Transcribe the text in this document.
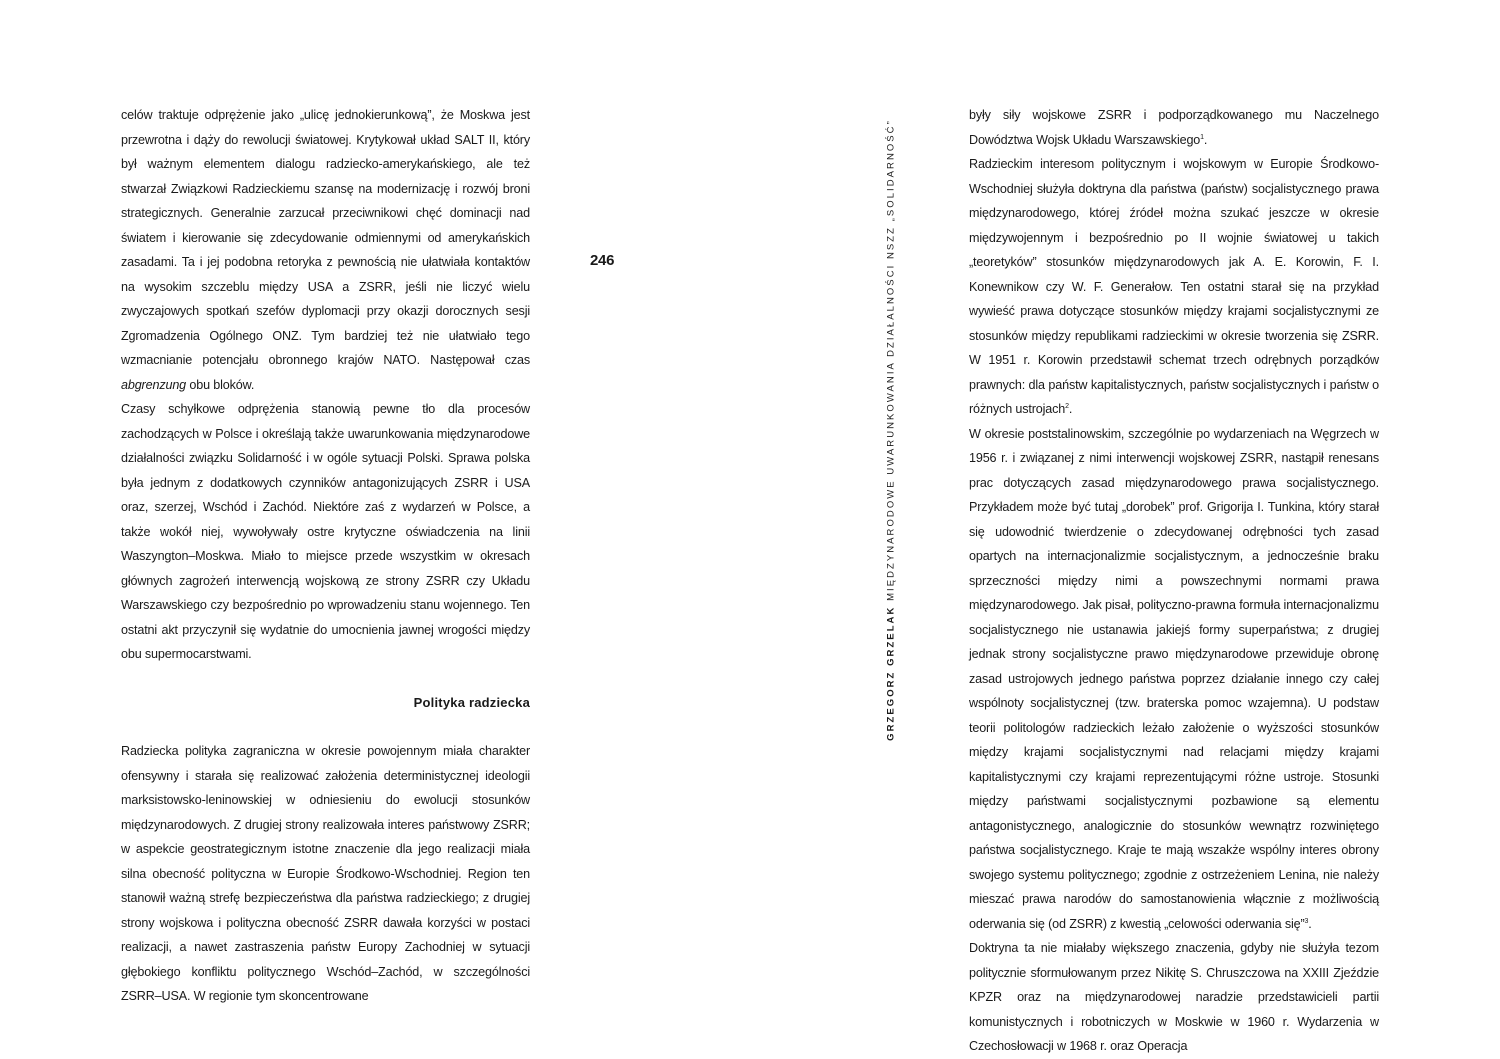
celów traktuje odprężenie jako „ulicę jednokierunkową”, że Moskwa jest przewrotna i dąży do rewolucji światowej. Krytykował układ SALT II, który był ważnym elementem dialogu radziecko-amerykańskiego, ale też stwarzał Związkowi Radzieckiemu szansę na modernizację i rozwój broni strategicznych. Generalnie zarzucał przeciwnikowi chęć dominacji nad światem i kierowanie się zdecydowanie odmiennymi od amerykańskich zasadami. Ta i jej podobna retoryka z pewnością nie ułatwiała kontaktów na wysokim szczeblu między USA a ZSRR, jeśli nie liczyć wielu zwyczajowych spotkań szefów dyplomacji przy okazji dorocznych sesji Zgromadzenia Ogólnego ONZ. Tym bardziej też nie ułatwiało tego wzmacnianie potencjału obronnego krajów NATO. Następował czas abgrenzung obu bloków.

Czasy schyłkowe odprężenia stanowią pewne tło dla procesów zachodzących w Polsce i określają także uwarunkowania międzynarodowe działalności związku Solidarność i w ogóle sytuacji Polski. Sprawa polska była jednym z dodatkowych czynników antagonizujących ZSRR i USA oraz, szerzej, Wschód i Zachód. Niektóre zaś z wydarzeń w Polsce, a także wokół niej, wywoływały ostre krytyczne oświadczenia na linii Waszyngton–Moskwa. Miało to miejsce przede wszystkim w okresach głównych zagrożeń interwencją wojskową ze strony ZSRR czy Układu Warszawskiego czy bezpośrednio po wprowadzeniu stanu wojennego. Ten ostatni akt przyczynił się wydatnie do umocnienia jawnej wrogości między obu supermocarstwami.

Polityka radziecka

Radziecka polityka zagraniczna w okresie powojennym miała charakter ofensywny i starała się realizować założenia deterministycznej ideologii marksistowsko-leninowskiej w odniesieniu do ewolucji stosunków międzynarodowych. Z drugiej strony realizowała interes państwowy ZSRR; w aspekcie geostrategicznym istotne znaczenie dla jego realizacji miała silna obecność polityczna w Europie Środkowo-Wschodniej. Region ten stanowił ważną strefę bezpieczeństwa dla państwa radzieckiego; z drugiej strony wojskowa i polityczna obecność ZSRR dawała korzyści w postaci realizacji, a nawet zastraszenia państw Europy Zachodniej w sytuacji głębokiego konfliktu politycznego Wschód–Zachód, w szczególności ZSRR–USA. W regionie tym skoncentrowane

246
GRZEGORZ GRZELAK MIĘDZYNARODOWE UWARUNKOWANIA DZIAŁALNOŚCI NSZZ „SOLIDARNOŚĆ”

były siły wojskowe ZSRR i podporządkowanego mu Naczelnego Dowództwa Wojsk Układu Warszawskiego$^1$.

Radzieckim interesom politycznym i wojskowym w Europie Środkowo-Wschodniej służyła doktryna dla państwa (państw) socjalistycznego prawa międzynarodowego, której źródeł można szukać jeszcze w okresie międzywojennym i bezpośrednio po II wojnie światowej u takich „teoretyków” stosunków międzynarodowych jak A. E. Korowin, F. I. Konewnikow czy W. F. Generałow. Ten ostatni starał się na przykład wywieść prawa dotyczące stosunków między krajami socjalistycznymi ze stosunków między republikami radzieckimi w okresie tworzenia się ZSRR. W 1951 r. Korowin przedstawił schemat trzech odrębnych porządków prawnych: dla państw kapitalistycznych, państw socjalistycznych i państw o różnych ustrojach$^2$.

W okresie poststalinowskim, szczególnie po wydarzeniach na Węgrzech w 1956 r. i związanej z nimi interwencji wojskowej ZSRR, nastąpił renesans prac dotyczących zasad międzynarodowego prawa socjalistycznego. Przykładem może być tutaj „dorobek” prof. Grigorija I. Tunkina, który starał się udowodnić twierdzenie o zdecydowanej odrębności tych zasad opartych na internacjonalizmie socjalistycznym, a jednocześnie braku sprzeczności między nimi a powszechnymi normami prawa międzynarodowego. Jak pisał, polityczno-prawna formuła internacjonalizmu socjalistycznego nie ustanawia jakiejś formy superpaństwa; z drugiej jednak strony socjalistyczne prawo międzynarodowe przewiduje obronę zasad ustrojowych jednego państwa poprzez działanie innego czy całej wspólnoty socjalistycznej (tzw. braterska pomoc wzajemna). U podstaw teorii politologów radzieckich leżało założenie o wyższości stosunków między krajami socjalistycznymi nad relacjami między krajami kapitalistycznymi czy krajami reprezentującymi różne ustroje. Stosunki między państwami socjalistycznymi pozbawione są elementu antagonistycznego, analogicznie do stosunków wewnątrz rozwiniętego państwa socjalistycznego. Kraje te mają wszakże wspólny interes obrony swojego systemu politycznego; zgodnie z ostrzeżeniem Lenina, nie należy mieszać prawa narodów do samostanowienia włącznie z możliwością oderwania się (od ZSRR) z kwestią „celowości oderwania się”$^3$.

Doktryna ta nie miałaby większego znaczenia, gdyby nie służyła tezom politycznie sformułowanym przez Nikitę S. Chruszczowa na XXIII Zjeździe KPZR oraz na międzynarodowej naradzie przedstawicieli partii komunistycznych i robotniczych w Moskwie w 1960 r. Wydarzenia w Czechosłowacji w 1968 r. oraz Operacja
